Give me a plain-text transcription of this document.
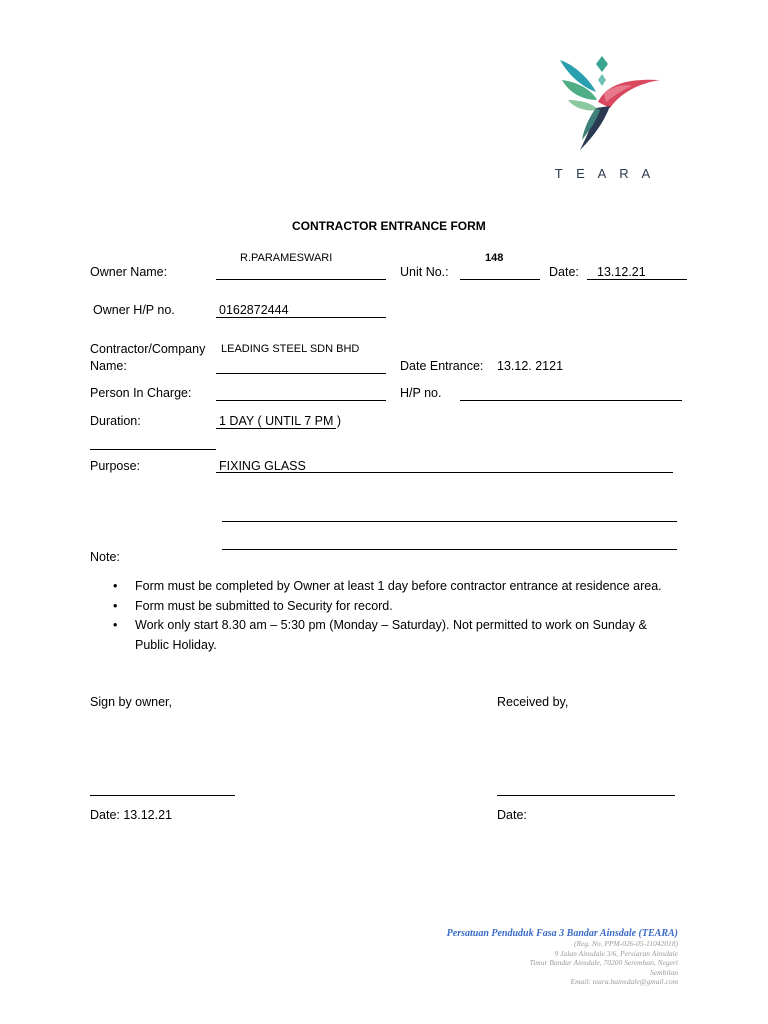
T E A R A
CONTRACTOR ENTRANCE FORM
Owner Name:
R.PARAMESWARI
Unit No.:
148
Date: 13.12.21
Owner H/P no.	0162872444
Contractor/Company
Name:
LEADING STEEL SDN BHD
Date Entrance: 13.12. 2121
Person In Charge:	H/P no.
Duration:	1 DAY ( UNTIL 7 PM )
Purpose:	FIXING GLASS
Note:
• Form must be completed by Owner at least 1 day before contractor entrance at residence area.
• Form must be submitted to Security for record.
• Work only start 8.30 am – 5:30 pm (Monday – Saturday). Not permitted to work on Sunday & Public Holiday.
Sign by owner,	Received by,
Date: 13.12.21	Date:
Persatuan Penduduk Fasa 3 Bandar Ainsdale (TEARA)
(Reg. No. PPM-026-05-11042018)
9 Jalan Ainsdale 3/6, Persiaran Ainsdale
Timur Bandar Ainsdale, 70200 Seremban, Negeri
Sembilan
Email: teara.bainsdale@gmail.com
